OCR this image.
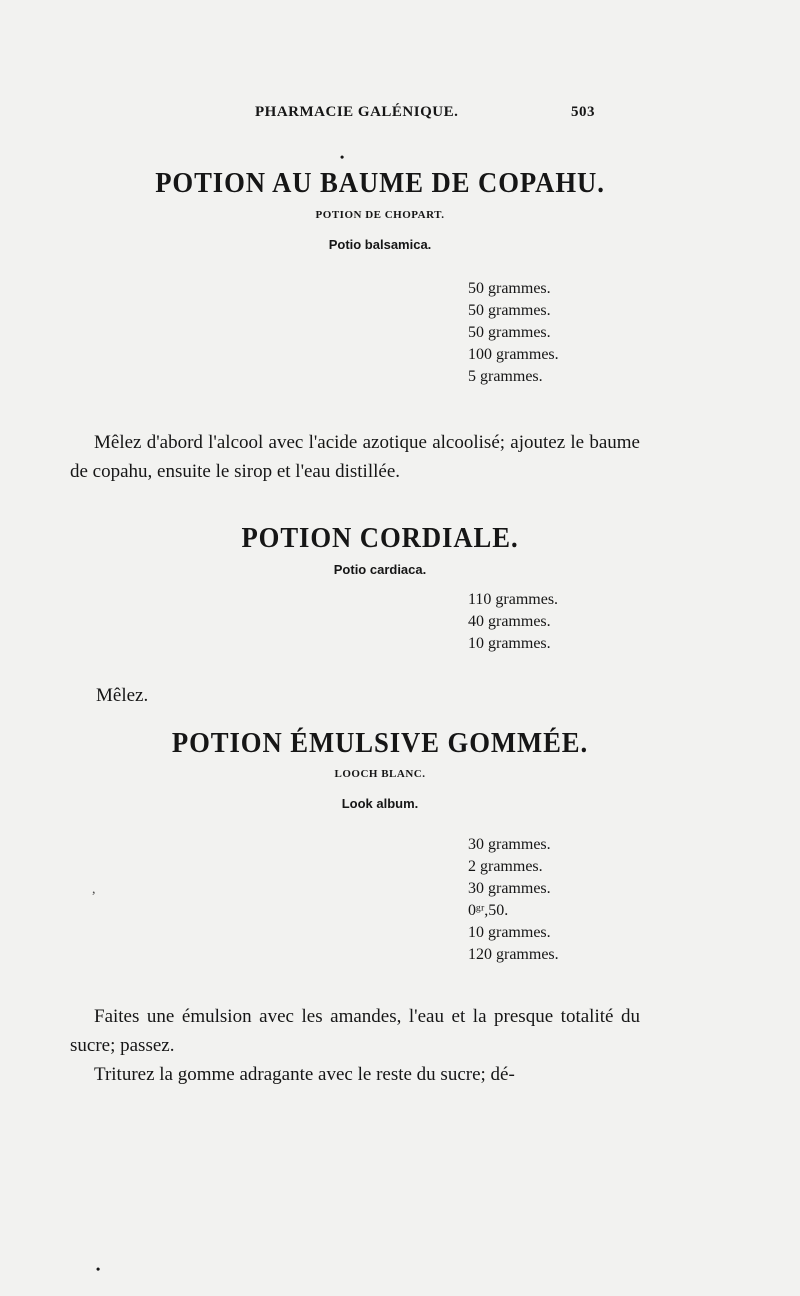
PHARMACIE GALÉNIQUE.	503
•
POTION AU BAUME DE COPAHU.
POTION DE CHOPART.
Potio balsamica.
50 grammes.
50 grammes.
50 grammes.
100 grammes.
5 grammes.
Mêlez d'abord l'alcool avec l'acide azotique alcoolisé; ajoutez le baume de copahu, ensuite le sirop et l'eau distillée.
POTION CORDIALE.
Potio cardiaca.
110 grammes.
40 grammes.
10 grammes.
Mêlez.
POTION ÉMULSIVE GOMMÉE.
LOOCH BLANC.
Look album.
30 grammes.
2 grammes.
30 grammes.
0ᵍʳ,50.
10 grammes.
120 grammes.
Faites une émulsion avec les amandes, l'eau et la presque totalité du sucre; passez.
Triturez la gomme adragante avec le reste du sucre; dé-
,
•
